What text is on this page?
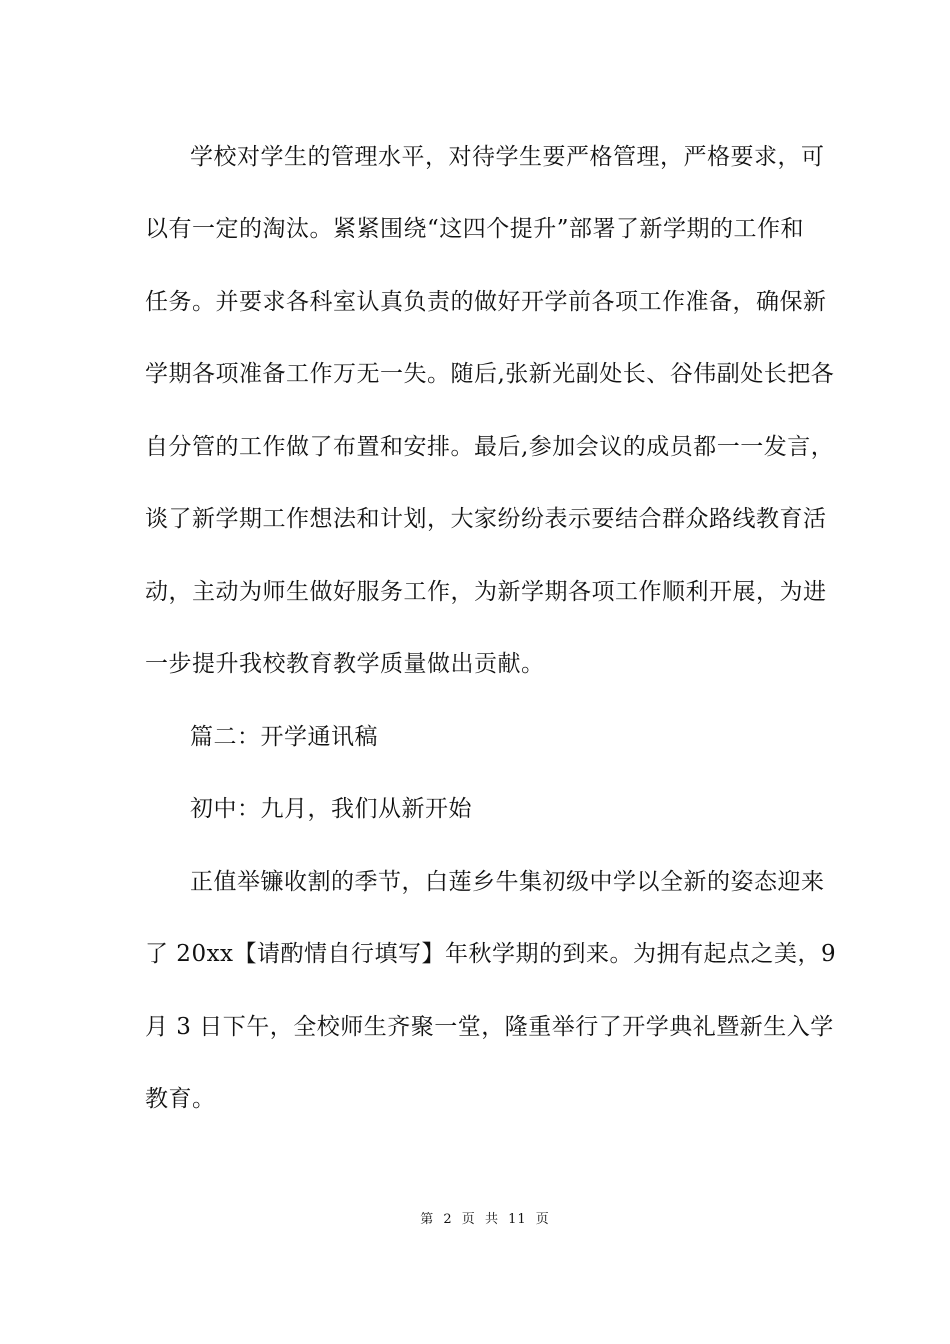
学校对学生的管理水平，对待学生要严格管理，严格要求，可
以有一定的淘汰。紧紧围绕“这四个提升”部署了新学期的工作和
任务。并要求各科室认真负责的做好开学前各项工作准备，确保新
学期各项准备工作万无一失。随后,张新光副处长、谷伟副处长把各
自分管的工作做了布置和安排。最后,参加会议的成员都一一发言，
谈了新学期工作想法和计划，大家纷纷表示要结合群众路线教育活
动，主动为师生做好服务工作，为新学期各项工作顺利开展，为进
一步提升我校教育教学质量做出贡献。
篇二：开学通讯稿
初中：九月，我们从新开始
正值举镰收割的季节，白莲乡牛集初级中学以全新的姿态迎来
了 20xx【请酌情自行填写】年秋学期的到来。为拥有起点之美，9
月 3 日下午，全校师生齐聚一堂，隆重举行了开学典礼暨新生入学
教育。
第 2 页 共 11 页
